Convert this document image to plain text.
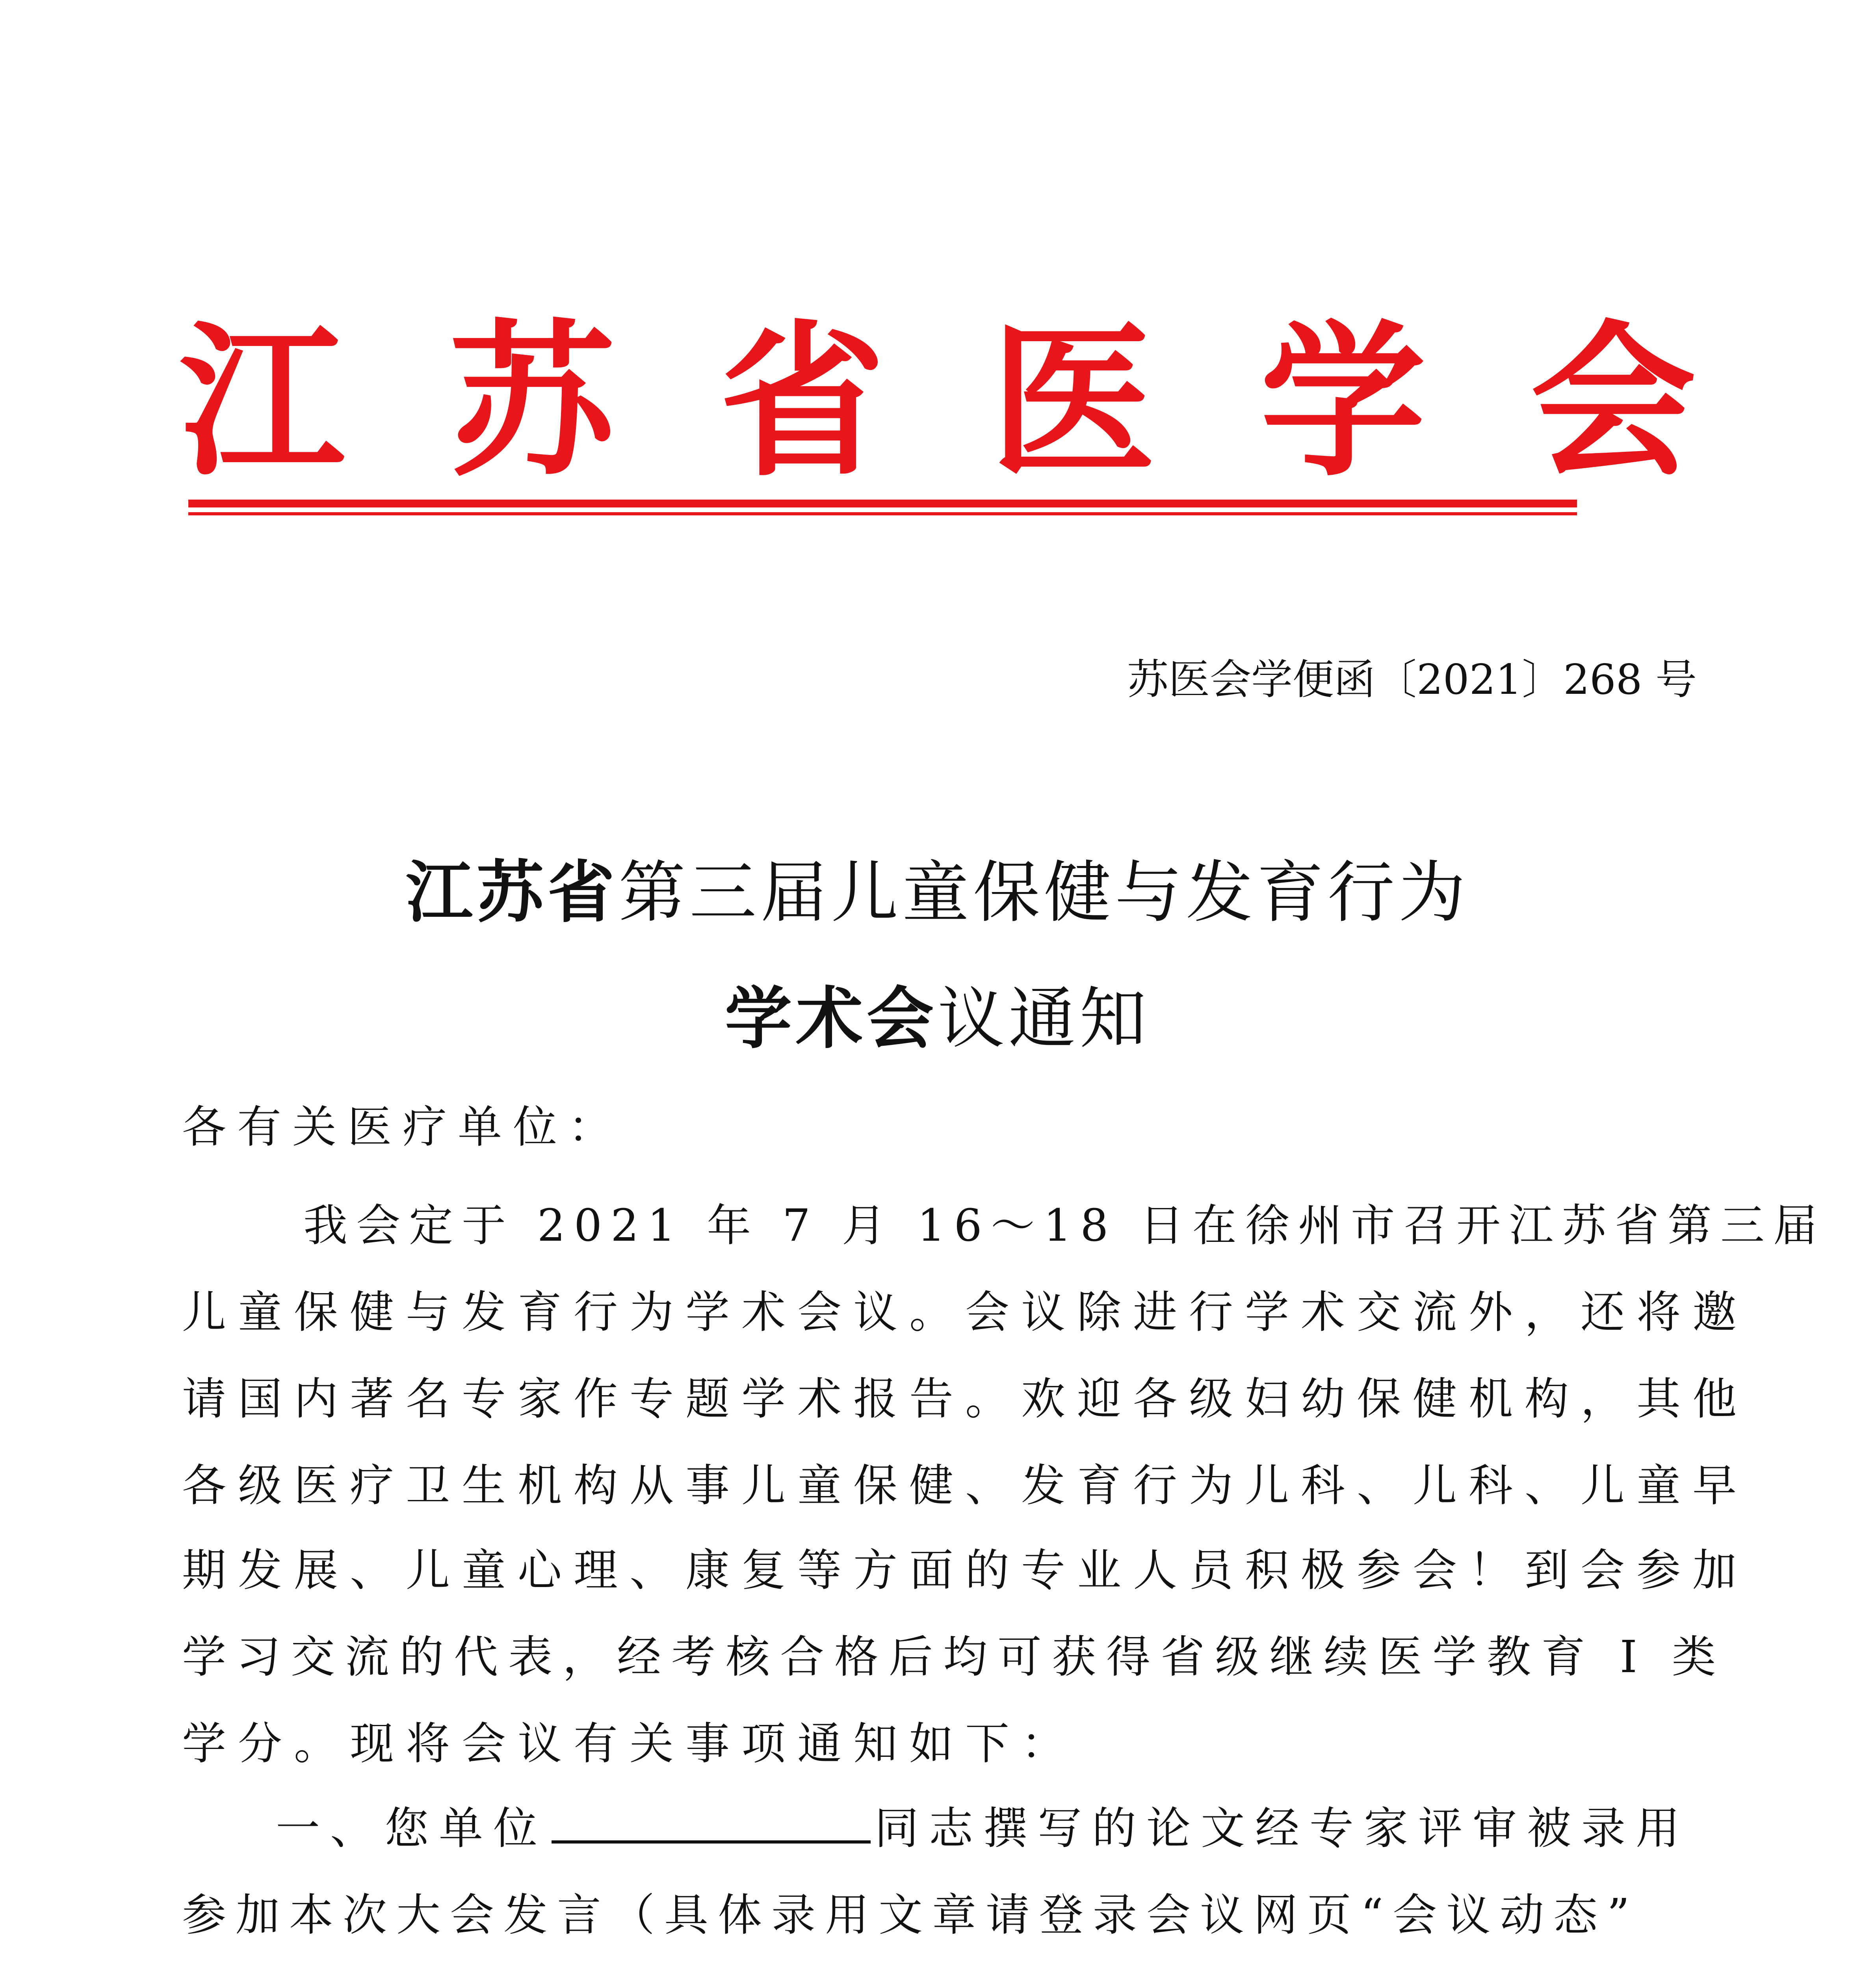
江 苏 省 医 学 会
苏医会学便函〔2021〕268 号
江苏省第三届儿童保健与发育行为
学术会议通知
各有关医疗单位：
我会定于 2021 年 7 月 16～18 日在徐州市召开江苏省第三届
儿童保健与发育行为学术会议。会议除进行学术交流外，还将邀
请国内著名专家作专题学术报告。欢迎各级妇幼保健机构，其他
各级医疗卫生机构从事儿童保健、发育行为儿科、儿科、儿童早
期发展、儿童心理、康复等方面的专业人员积极参会！到会参加
学习交流的代表，经考核合格后均可获得省级继续医学教育 I 类
学分。现将会议有关事项通知如下：
一、您单位	同志撰写的论文经专家评审被录用
参加本次大会发言（具体录用文章请登录会议网页“会议动态”
